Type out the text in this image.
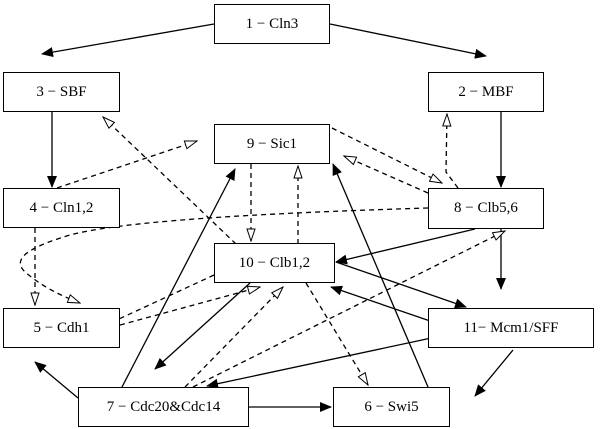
1 − Cln3
2 − MBF
3 − SBF
4 − Cln1,2
5 − Cdh1
6 − Swi5
7 − Cdc20&Cdc14
8 − Clb5,6
9 − Sic1
10 − Clb1,2
11− Mcm1/SFF
